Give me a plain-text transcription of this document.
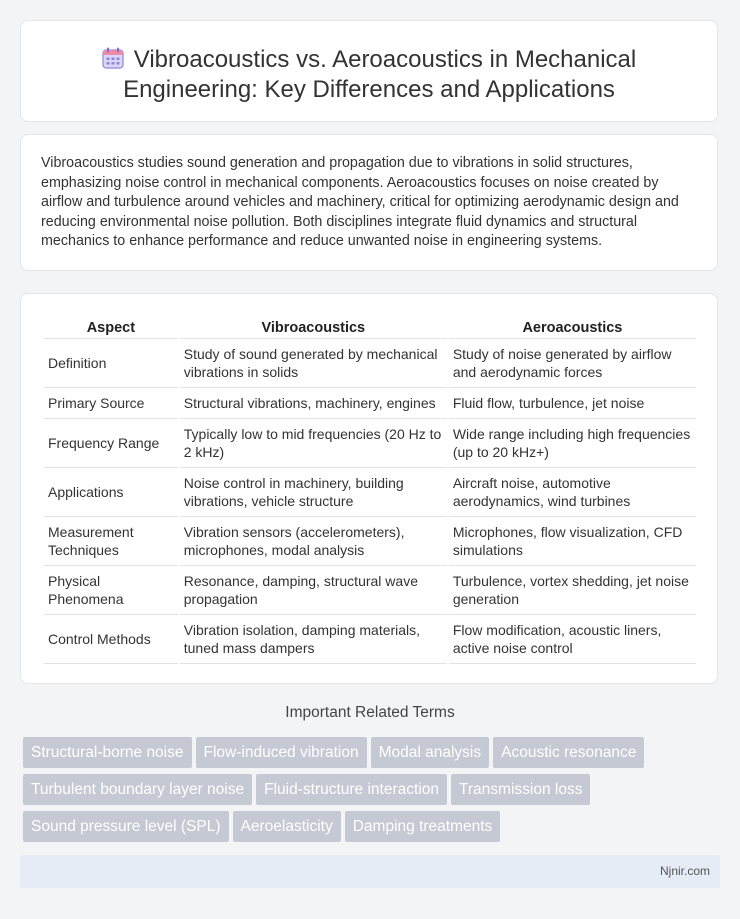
Vibroacoustics vs. Aeroacoustics in Mechanical Engineering: Key Differences and Applications

Vibroacoustics studies sound generation and propagation due to vibrations in solid structures, emphasizing noise control in mechanical components. Aeroacoustics focuses on noise created by airflow and turbulence around vehicles and machinery, critical for optimizing aerodynamic design and reducing environmental noise pollution. Both disciplines integrate fluid dynamics and structural mechanics to enhance performance and reduce unwanted noise in engineering systems.

Aspect	Vibroacoustics	Aeroacoustics
Definition	Study of sound generated by mechanical vibrations in solids	Study of noise generated by airflow and aerodynamic forces
Primary Source	Structural vibrations, machinery, engines	Fluid flow, turbulence, jet noise
Frequency Range	Typically low to mid frequencies (20 Hz to 2 kHz)	Wide range including high frequencies (up to 20 kHz+)
Applications	Noise control in machinery, building vibrations, vehicle structure	Aircraft noise, automotive aerodynamics, wind turbines
Measurement Techniques	Vibration sensors (accelerometers), microphones, modal analysis	Microphones, flow visualization, CFD simulations
Physical Phenomena	Resonance, damping, structural wave propagation	Turbulence, vortex shedding, jet noise generation
Control Methods	Vibration isolation, damping materials, tuned mass dampers	Flow modification, acoustic liners, active noise control
Important Related Terms
Structural-borne noise Flow-induced vibration Modal analysis Acoustic resonance
Turbulent boundary layer noise Fluid-structure interaction Transmission loss
Sound pressure level (SPL) Aeroelasticity Damping treatments
Njnir.com
